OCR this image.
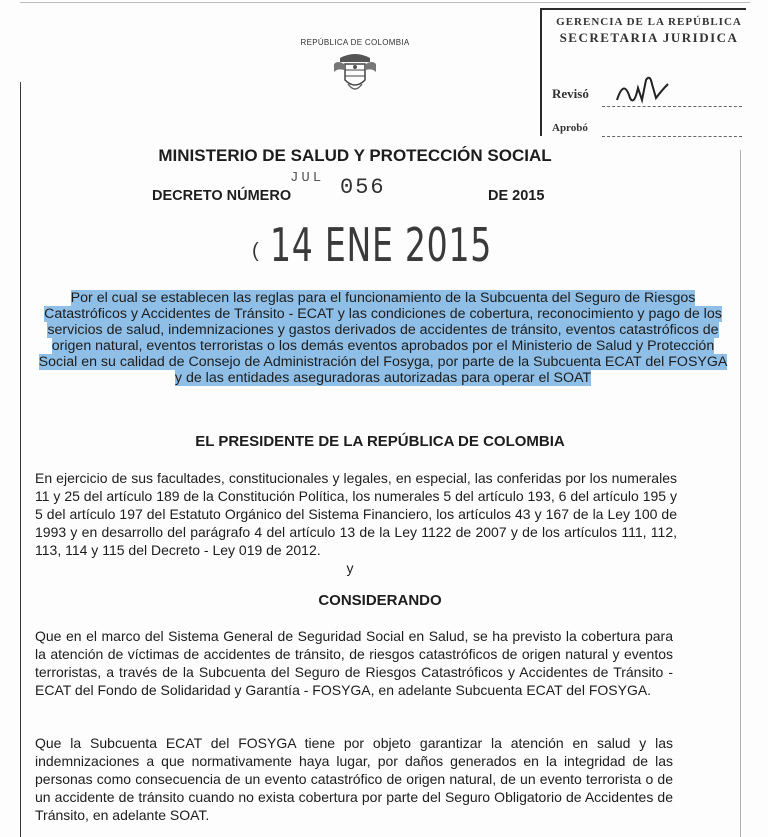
REPÚBLICA DE COLOMBIA
GERENCIA DE LA REPÚBLICA
SECRETARIA JURIDICA
Revisó
Aprobó
MINISTERIO DE SALUD Y PROTECCIÓN SOCIAL
DECRETO NÚMERO
JUL 056	DE 2015
( 14 ENE 2015
Por el cual se establecen las reglas para el funcionamiento de la Subcuenta del Seguro de Riesgos Catastróficos y Accidentes de Tránsito - ECAT y las condiciones de cobertura, reconocimiento y pago de los servicios de salud, indemnizaciones y gastos derivados de accidentes de tránsito, eventos catastróficos de origen natural, eventos terroristas o los demás eventos aprobados por el Ministerio de Salud y Protección Social en su calidad de Consejo de Administración del Fosyga, por parte de la Subcuenta ECAT del FOSYGA y de las entidades aseguradoras autorizadas para operar el SOAT
EL PRESIDENTE DE LA REPÚBLICA DE COLOMBIA
En ejercicio de sus facultades, constitucionales y legales, en especial, las conferidas por los numerales 11 y 25 del artículo 189 de la Constitución Política, los numerales 5 del artículo 193, 6 del artículo 195 y 5 del artículo 197 del Estatuto Orgánico del Sistema Financiero, los artículos 43 y 167 de la Ley 100 de 1993 y en desarrollo del parágrafo 4 del artículo 13 de la Ley 1122 de 2007 y de los artículos 111, 112, 113, 114 y 115 del Decreto - Ley 019 de 2012.
y
CONSIDERANDO
Que en el marco del Sistema General de Seguridad Social en Salud, se ha previsto la cobertura para la atención de víctimas de accidentes de tránsito, de riesgos catastróficos de origen natural y eventos terroristas, a través de la Subcuenta del Seguro de Riesgos Catastróficos y Accidentes de Tránsito - ECAT del Fondo de Solidaridad y Garantía - FOSYGA, en adelante Subcuenta ECAT del FOSYGA.
Que la Subcuenta ECAT del FOSYGA tiene por objeto garantizar la atención en salud y las indemnizaciones a que normativamente haya lugar, por daños generados en la integridad de las personas como consecuencia de un evento catastrófico de origen natural, de un evento terrorista o de un accidente de tránsito cuando no exista cobertura por parte del Seguro Obligatorio de Accidentes de Tránsito, en adelante SOAT.
